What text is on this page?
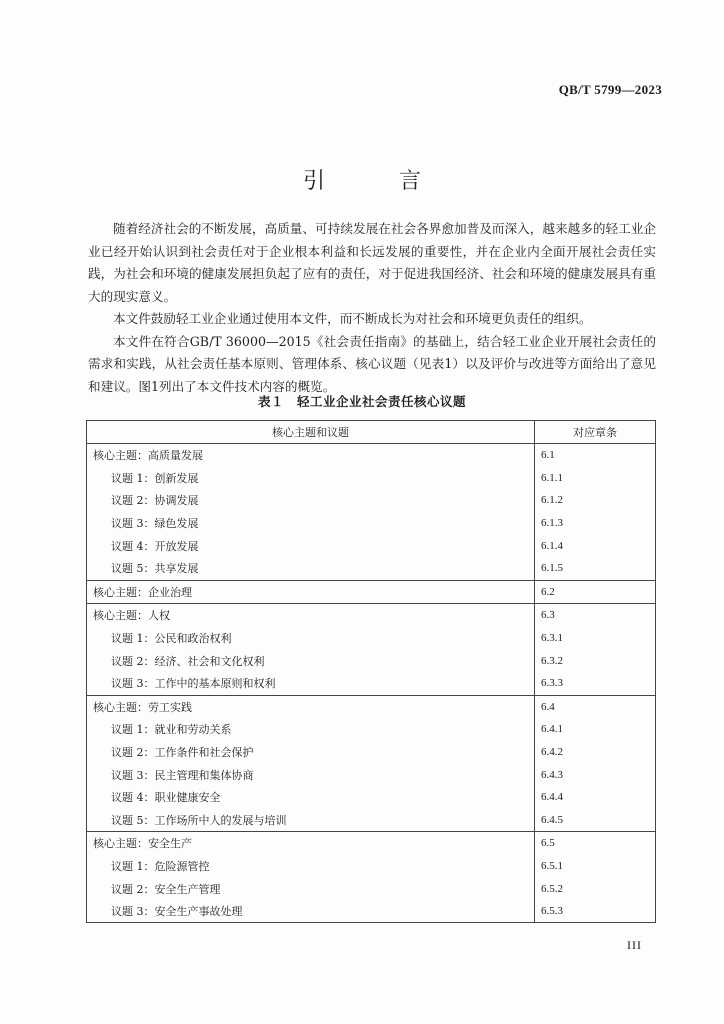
QB/T 5799—2023
引　言

随着经济社会的不断发展，高质量、可持续发展在社会各界愈加普及而深入，越来越多的轻工业企业已经开始认识到社会责任对于企业根本利益和长远发展的重要性，并在企业内全面开展社会责任实践，为社会和环境的健康发展担负起了应有的责任，对于促进我国经济、社会和环境的健康发展具有重大的现实意义。

本文件鼓励轻工业企业通过使用本文件，而不断成长为对社会和环境更负责任的组织。

本文件在符合GB/T 36000—2015《社会责任指南》的基础上，结合轻工业企业开展社会责任的需求和实践，从社会责任基本原则、管理体系、核心议题（见表1）以及评价与改进等方面给出了意见和建议。图1列出了本文件技术内容的概览。

表１　轻工业企业社会责任核心议题
核心主题和议题	对应章条
核心主题：高质量发展	6.1
议题 1：创新发展	6.1.1
议题 2：协调发展	6.1.2
议题 3：绿色发展	6.1.3
议题 4：开放发展	6.1.4
议题 5：共享发展	6.1.5
核心主题：企业治理	6.2
核心主题：人权	6.3
议题 1：公民和政治权利	6.3.1
议题 2：经济、社会和文化权利	6.3.2
议题 3：工作中的基本原则和权利	6.3.3
核心主题：劳工实践	6.4
议题 1：就业和劳动关系	6.4.1
议题 2：工作条件和社会保护	6.4.2
议题 3：民主管理和集体协商	6.4.3
议题 4：职业健康安全	6.4.4
议题 5：工作场所中人的发展与培训	6.4.5
核心主题：安全生产	6.5
议题 1：危险源管控	6.5.1
议题 2：安全生产管理	6.5.2
议题 3：安全生产事故处理	6.5.3
III
